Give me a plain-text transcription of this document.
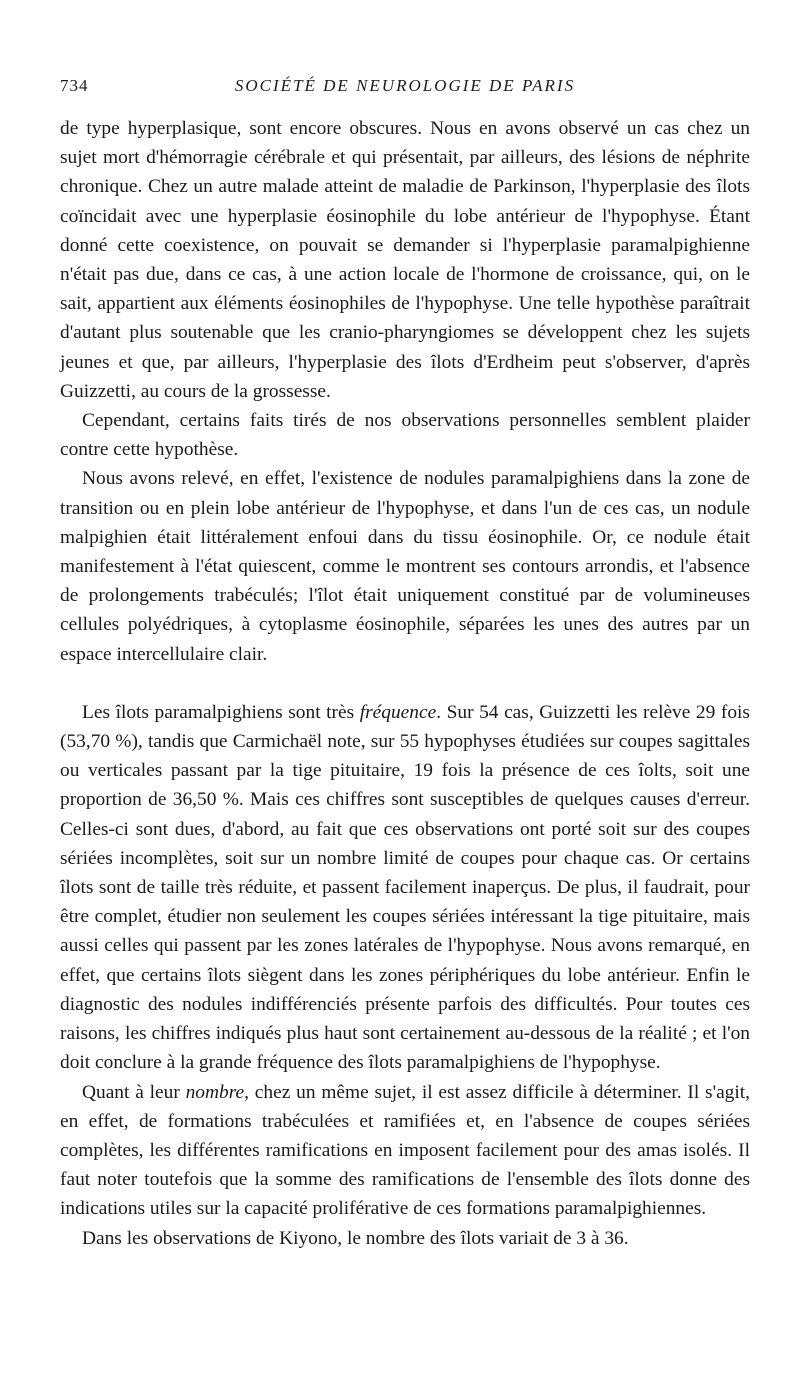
734	SOCIÉTÉ DE NEUROLOGIE DE PARIS

de type hyperplasique, sont encore obscures. Nous en avons observé un cas chez un sujet mort d'hémorragie cérébrale et qui présentait, par ailleurs, des lésions de néphrite chronique. Chez un autre malade atteint de maladie de Parkinson, l'hyperplasie des îlots coïncidait avec une hyperplasie éosinophile du lobe antérieur de l'hypophyse. Étant donné cette coexistence, on pouvait se demander si l'hyperplasie paramalpighienne n'était pas due, dans ce cas, à une action locale de l'hormone de croissance, qui, on le sait, appartient aux éléments éosinophiles de l'hypophyse. Une telle hypothèse paraîtrait d'autant plus soutenable que les cranio-pharyngiomes se développent chez les sujets jeunes et que, par ailleurs, l'hyperplasie des îlots d'Erdheim peut s'observer, d'après Guizzetti, au cours de la grossesse.

Cependant, certains faits tirés de nos observations personnelles semblent plaider contre cette hypothèse.

Nous avons relevé, en effet, l'existence de nodules paramalpighiens dans la zone de transition ou en plein lobe antérieur de l'hypophyse, et dans l'un de ces cas, un nodule malpighien était littéralement enfoui dans du tissu éosinophile. Or, ce nodule était manifestement à l'état quiescent, comme le montrent ses contours arrondis, et l'absence de prolongements trabéculés; l'îlot était uniquement constitué par de volumineuses cellules polyédriques, à cytoplasme éosinophile, séparées les unes des autres par un espace intercellulaire clair.

Les îlots paramalpighiens sont très fréquence. Sur 54 cas, Guizzetti les relève 29 fois (53,70 %), tandis que Carmichaël note, sur 55 hypophyses étudiées sur coupes sagittales ou verticales passant par la tige pituitaire, 19 fois la présence de ces îolts, soit une proportion de 36,50 %. Mais ces chiffres sont susceptibles de quelques causes d'erreur. Celles-ci sont dues, d'abord, au fait que ces observations ont porté soit sur des coupes sériées incomplètes, soit sur un nombre limité de coupes pour chaque cas. Or certains îlots sont de taille très réduite, et passent facilement inaperçus. De plus, il faudrait, pour être complet, étudier non seulement les coupes sériées intéressant la tige pituitaire, mais aussi celles qui passent par les zones latérales de l'hypophyse. Nous avons remarqué, en effet, que certains îlots siègent dans les zones périphériques du lobe antérieur. Enfin le diagnostic des nodules indifférenciés présente parfois des difficultés. Pour toutes ces raisons, les chiffres indiqués plus haut sont certainement au-dessous de la réalité ; et l'on doit conclure à la grande fréquence des îlots paramalpighiens de l'hypophyse.

Quant à leur nombre, chez un même sujet, il est assez difficile à déterminer. Il s'agit, en effet, de formations trabéculées et ramifiées et, en l'absence de coupes sériées complètes, les différentes ramifications en imposent facilement pour des amas isolés. Il faut noter toutefois que la somme des ramifications de l'ensemble des îlots donne des indications utiles sur la capacité proliférative de ces formations paramalpighiennes.

Dans les observations de Kiyono, le nombre des îlots variait de 3 à 36.
